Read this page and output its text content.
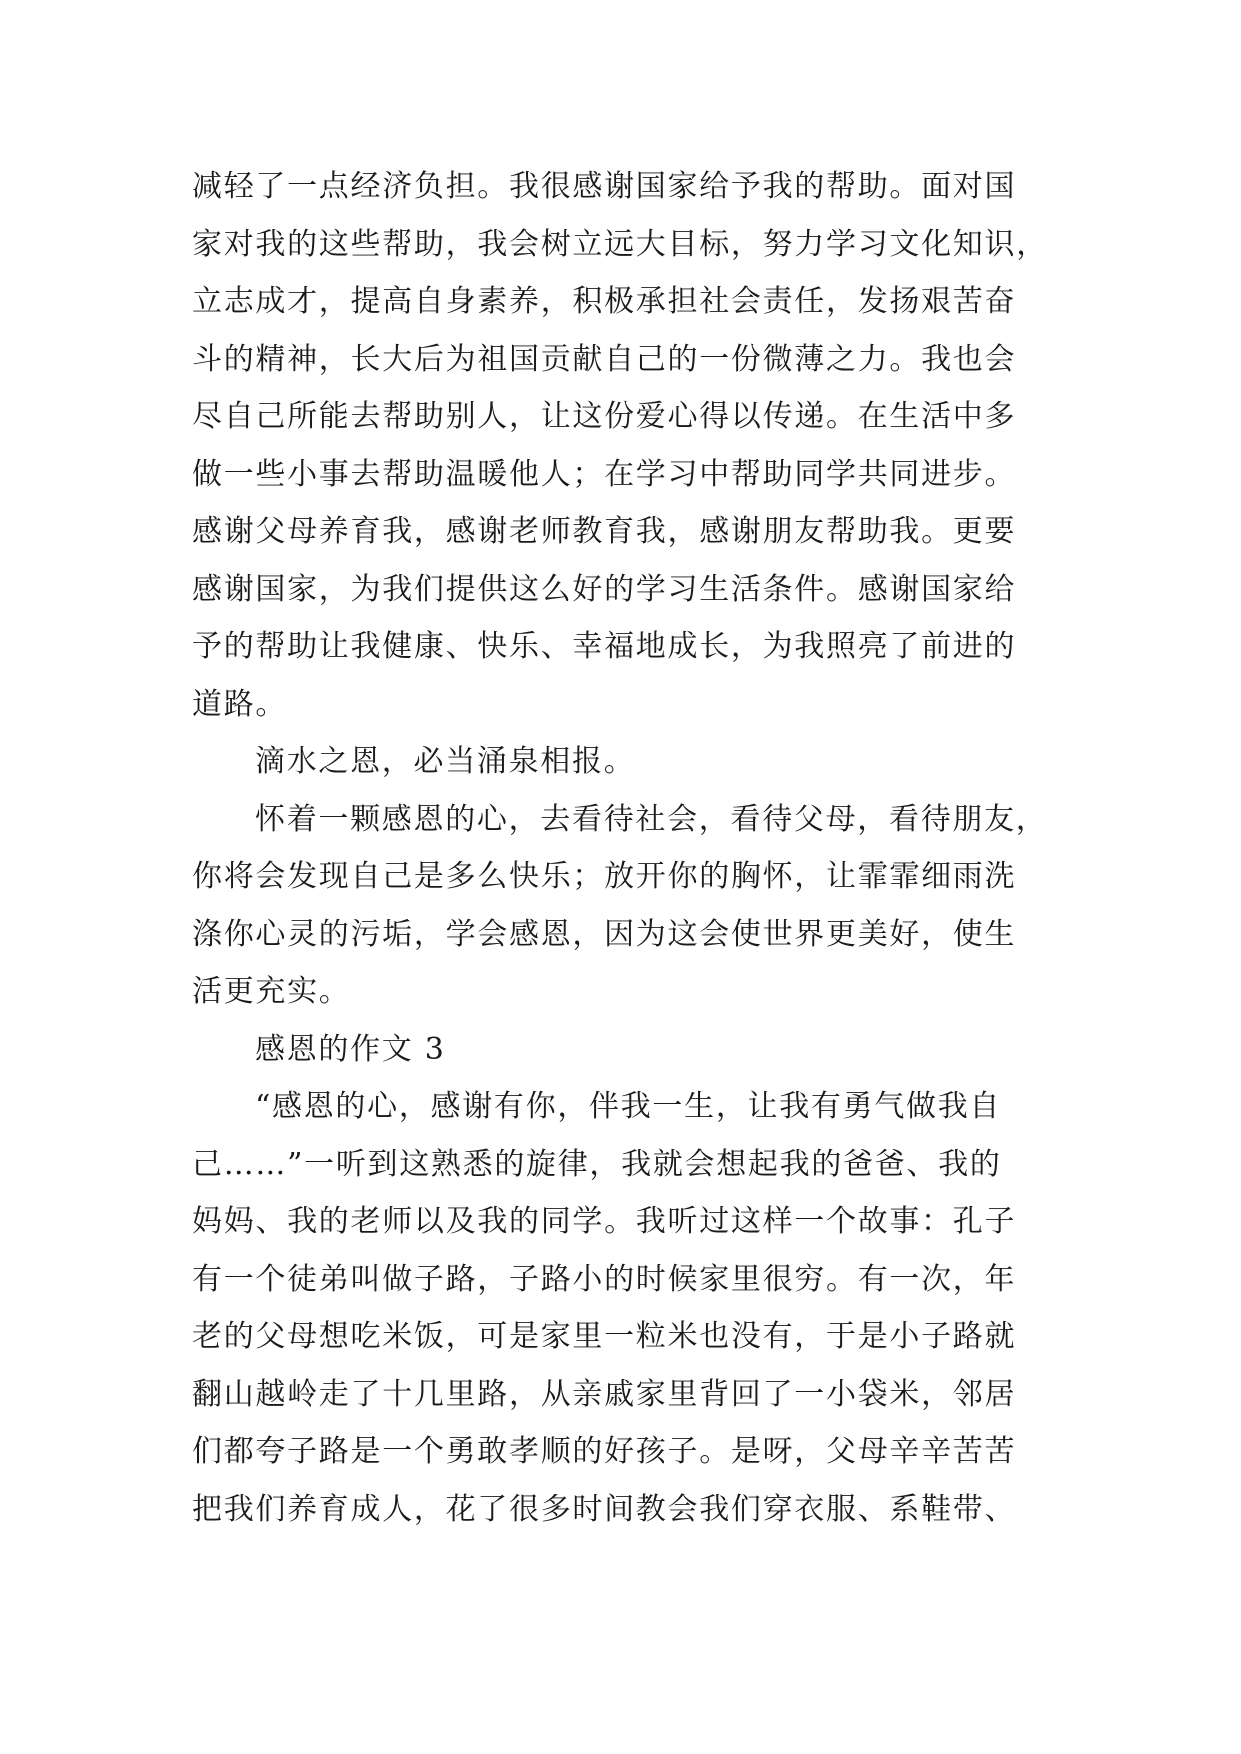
减轻了一点经济负担。我很感谢国家给予我的帮助。面对国
家对我的这些帮助，我会树立远大目标，努力学习文化知识，
立志成才，提高自身素养，积极承担社会责任，发扬艰苦奋
斗的精神，长大后为祖国贡献自己的一份微薄之力。我也会
尽自己所能去帮助别人，让这份爱心得以传递。在生活中多
做一些小事去帮助温暖他人；在学习中帮助同学共同进步。
感谢父母养育我，感谢老师教育我，感谢朋友帮助我。更要
感谢国家，为我们提供这么好的学习生活条件。感谢国家给
予的帮助让我健康、快乐、幸福地成长，为我照亮了前进的
道路。
滴水之恩，必当涌泉相报。
怀着一颗感恩的心，去看待社会，看待父母，看待朋友，
你将会发现自己是多么快乐；放开你的胸怀，让霏霏细雨洗
涤你心灵的污垢，学会感恩，因为这会使世界更美好，使生
活更充实。
感恩的作文 3
“感恩的心，感谢有你，伴我一生，让我有勇气做我自
己……”一听到这熟悉的旋律，我就会想起我的爸爸、我的
妈妈、我的老师以及我的同学。我听过这样一个故事：孔子
有一个徒弟叫做子路，子路小的时候家里很穷。有一次，年
老的父母想吃米饭，可是家里一粒米也没有，于是小子路就
翻山越岭走了十几里路，从亲戚家里背回了一小袋米，邻居
们都夸子路是一个勇敢孝顺的好孩子。是呀，父母辛辛苦苦
把我们养育成人，花了很多时间教会我们穿衣服、系鞋带、
